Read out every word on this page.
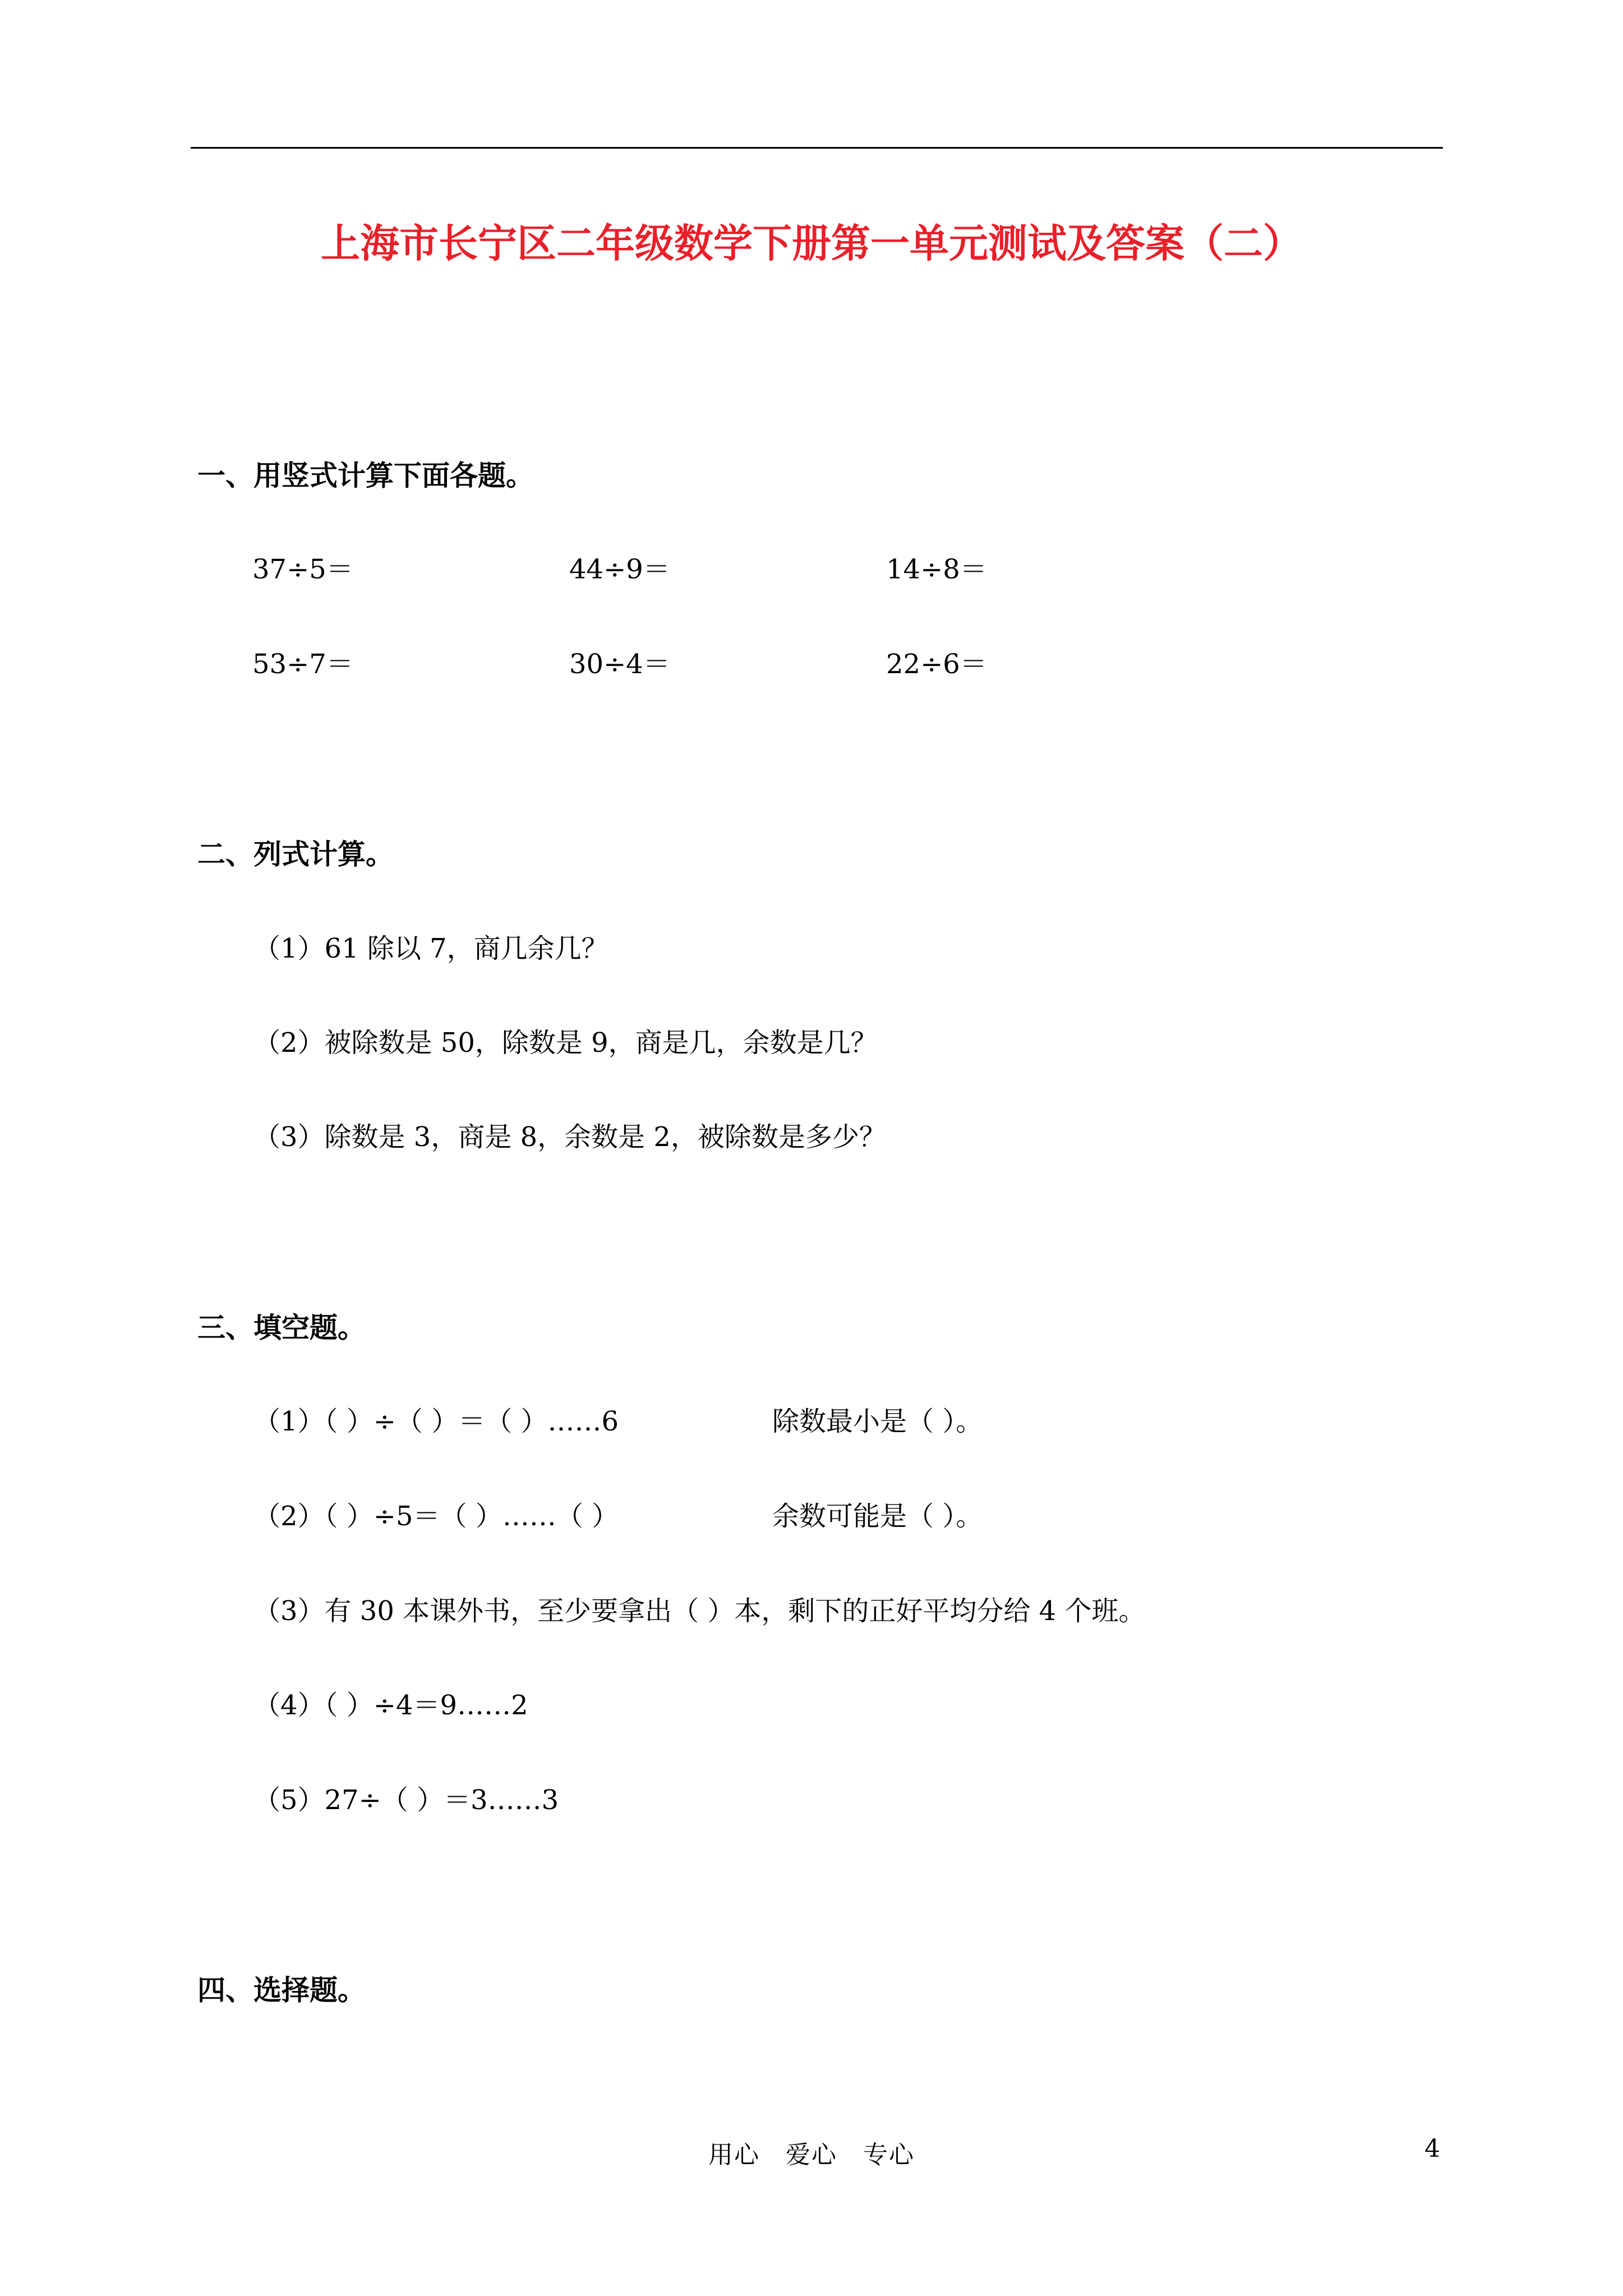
上海市长宁区二年级数学下册第一单元测试及答案（二）
一、用竖式计算下面各题。
37÷5＝	44÷9＝	14÷8＝
53÷7＝	30÷4＝	22÷6＝
二、列式计算。
（1）61 除以 7，商几余几？
（2）被除数是 50，除数是 9，商是几，余数是几？
（3）除数是 3，商是 8，余数是 2，被除数是多少？
三、填空题。
（1）（ ）÷（ ）＝（ ）……6	除数最小是（ ）。
（2）（ ）÷5＝（ ）……（ ）	余数可能是（ ）。
（3）有 30 本课外书，至少要拿出（ ）本，剩下的正好平均分给 4 个班。
（4）（ ）÷4＝9……2
（5）27÷（ ）＝3……3
四、选择题。
用心　爱心　专心	4
